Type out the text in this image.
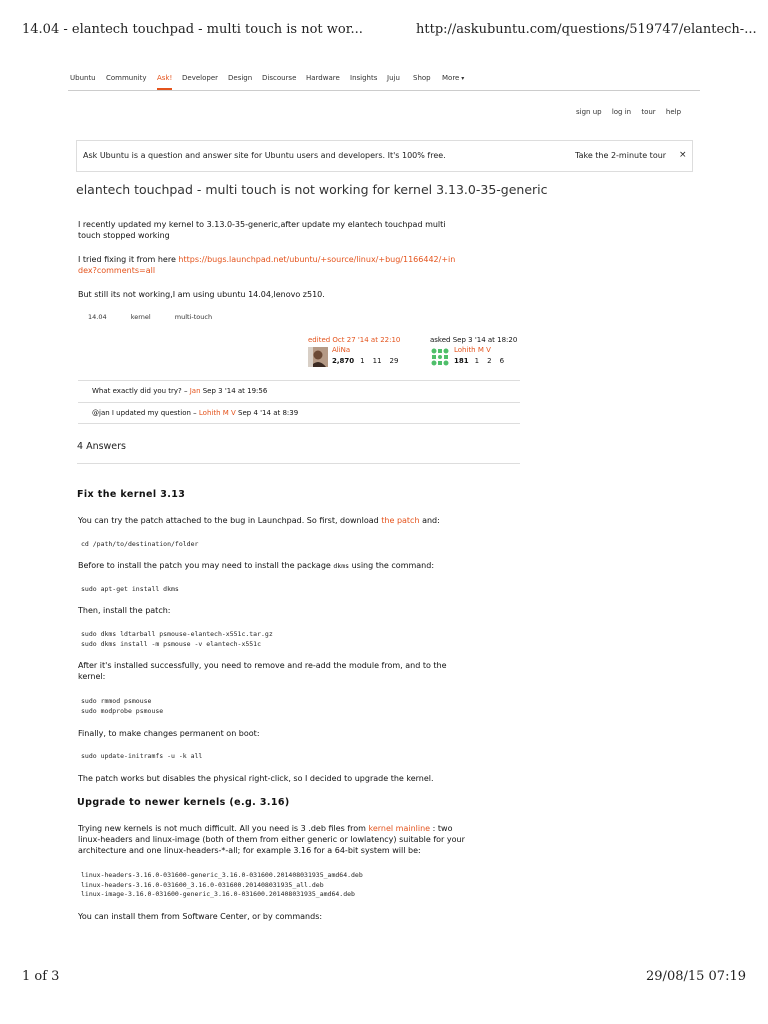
14.04 - elantech touchpad - multi touch is not wor...	http://askubuntu.com/questions/519747/elantech-...
Ubuntu Community Ask! Developer Design Discourse Hardware Insights Juju Shop More ▾
sign up log in tour help
Ask Ubuntu is a question and answer site for Ubuntu users and developers. It's 100% free.	Take the 2-minute tour ×
elantech touchpad - multi touch is not working for kernel 3.13.0-35-generic
I recently updated my kernel to 3.13.0-35-generic,after update my elantech touchpad multi touch stopped working
I tried fixing it from here https://bugs.launchpad.net/ubuntu/+source/linux/+bug/1166442/+index?comments=all
But still its not working,I am using ubuntu 14.04,lenovo z510.
14.04	kernel	multi-touch
edited Oct 27 '14 at 22:10
AliNa
2,870 1 11 29
asked Sep 3 '14 at 18:20
Lohith M V
181 1 2 6
What exactly did you try? – Jan Sep 3 '14 at 19:56
@jan I updated my question – Lohith M V Sep 4 '14 at 8:39
4 Answers
Fix the kernel 3.13
You can try the patch attached to the bug in Launchpad. So first, download the patch and:
cd /path/to/destination/folder
Before to install the patch you may need to install the package dkms using the command:
sudo apt-get install dkms
Then, install the patch:
sudo dkms ldtarball psmouse-elantech-x551c.tar.gz
sudo dkms install -m psmouse -v elantech-x551c
After it's installed successfully, you need to remove and re-add the module from, and to the kernel:
sudo rmmod psmouse
sudo modprobe psmouse
Finally, to make changes permanent on boot:
sudo update-initramfs -u -k all
The patch works but disables the physical right-click, so I decided to upgrade the kernel.
Upgrade to newer kernels (e.g. 3.16)
Trying new kernels is not much difficult. All you need is 3 .deb files from kernel mainline : two linux-headers and linux-image (both of them from either generic or lowlatency) suitable for your architecture and one linux-headers-*-all; for example 3.16 for a 64-bit system will be:
linux-headers-3.16.0-031600-generic_3.16.0-031600.201408031935_amd64.deb
linux-headers-3.16.0-031600_3.16.0-031600.201408031935_all.deb
linux-image-3.16.0-031600-generic_3.16.0-031600.201408031935_amd64.deb
You can install them from Software Center, or by commands:
1 of 3	29/08/15 07:19
